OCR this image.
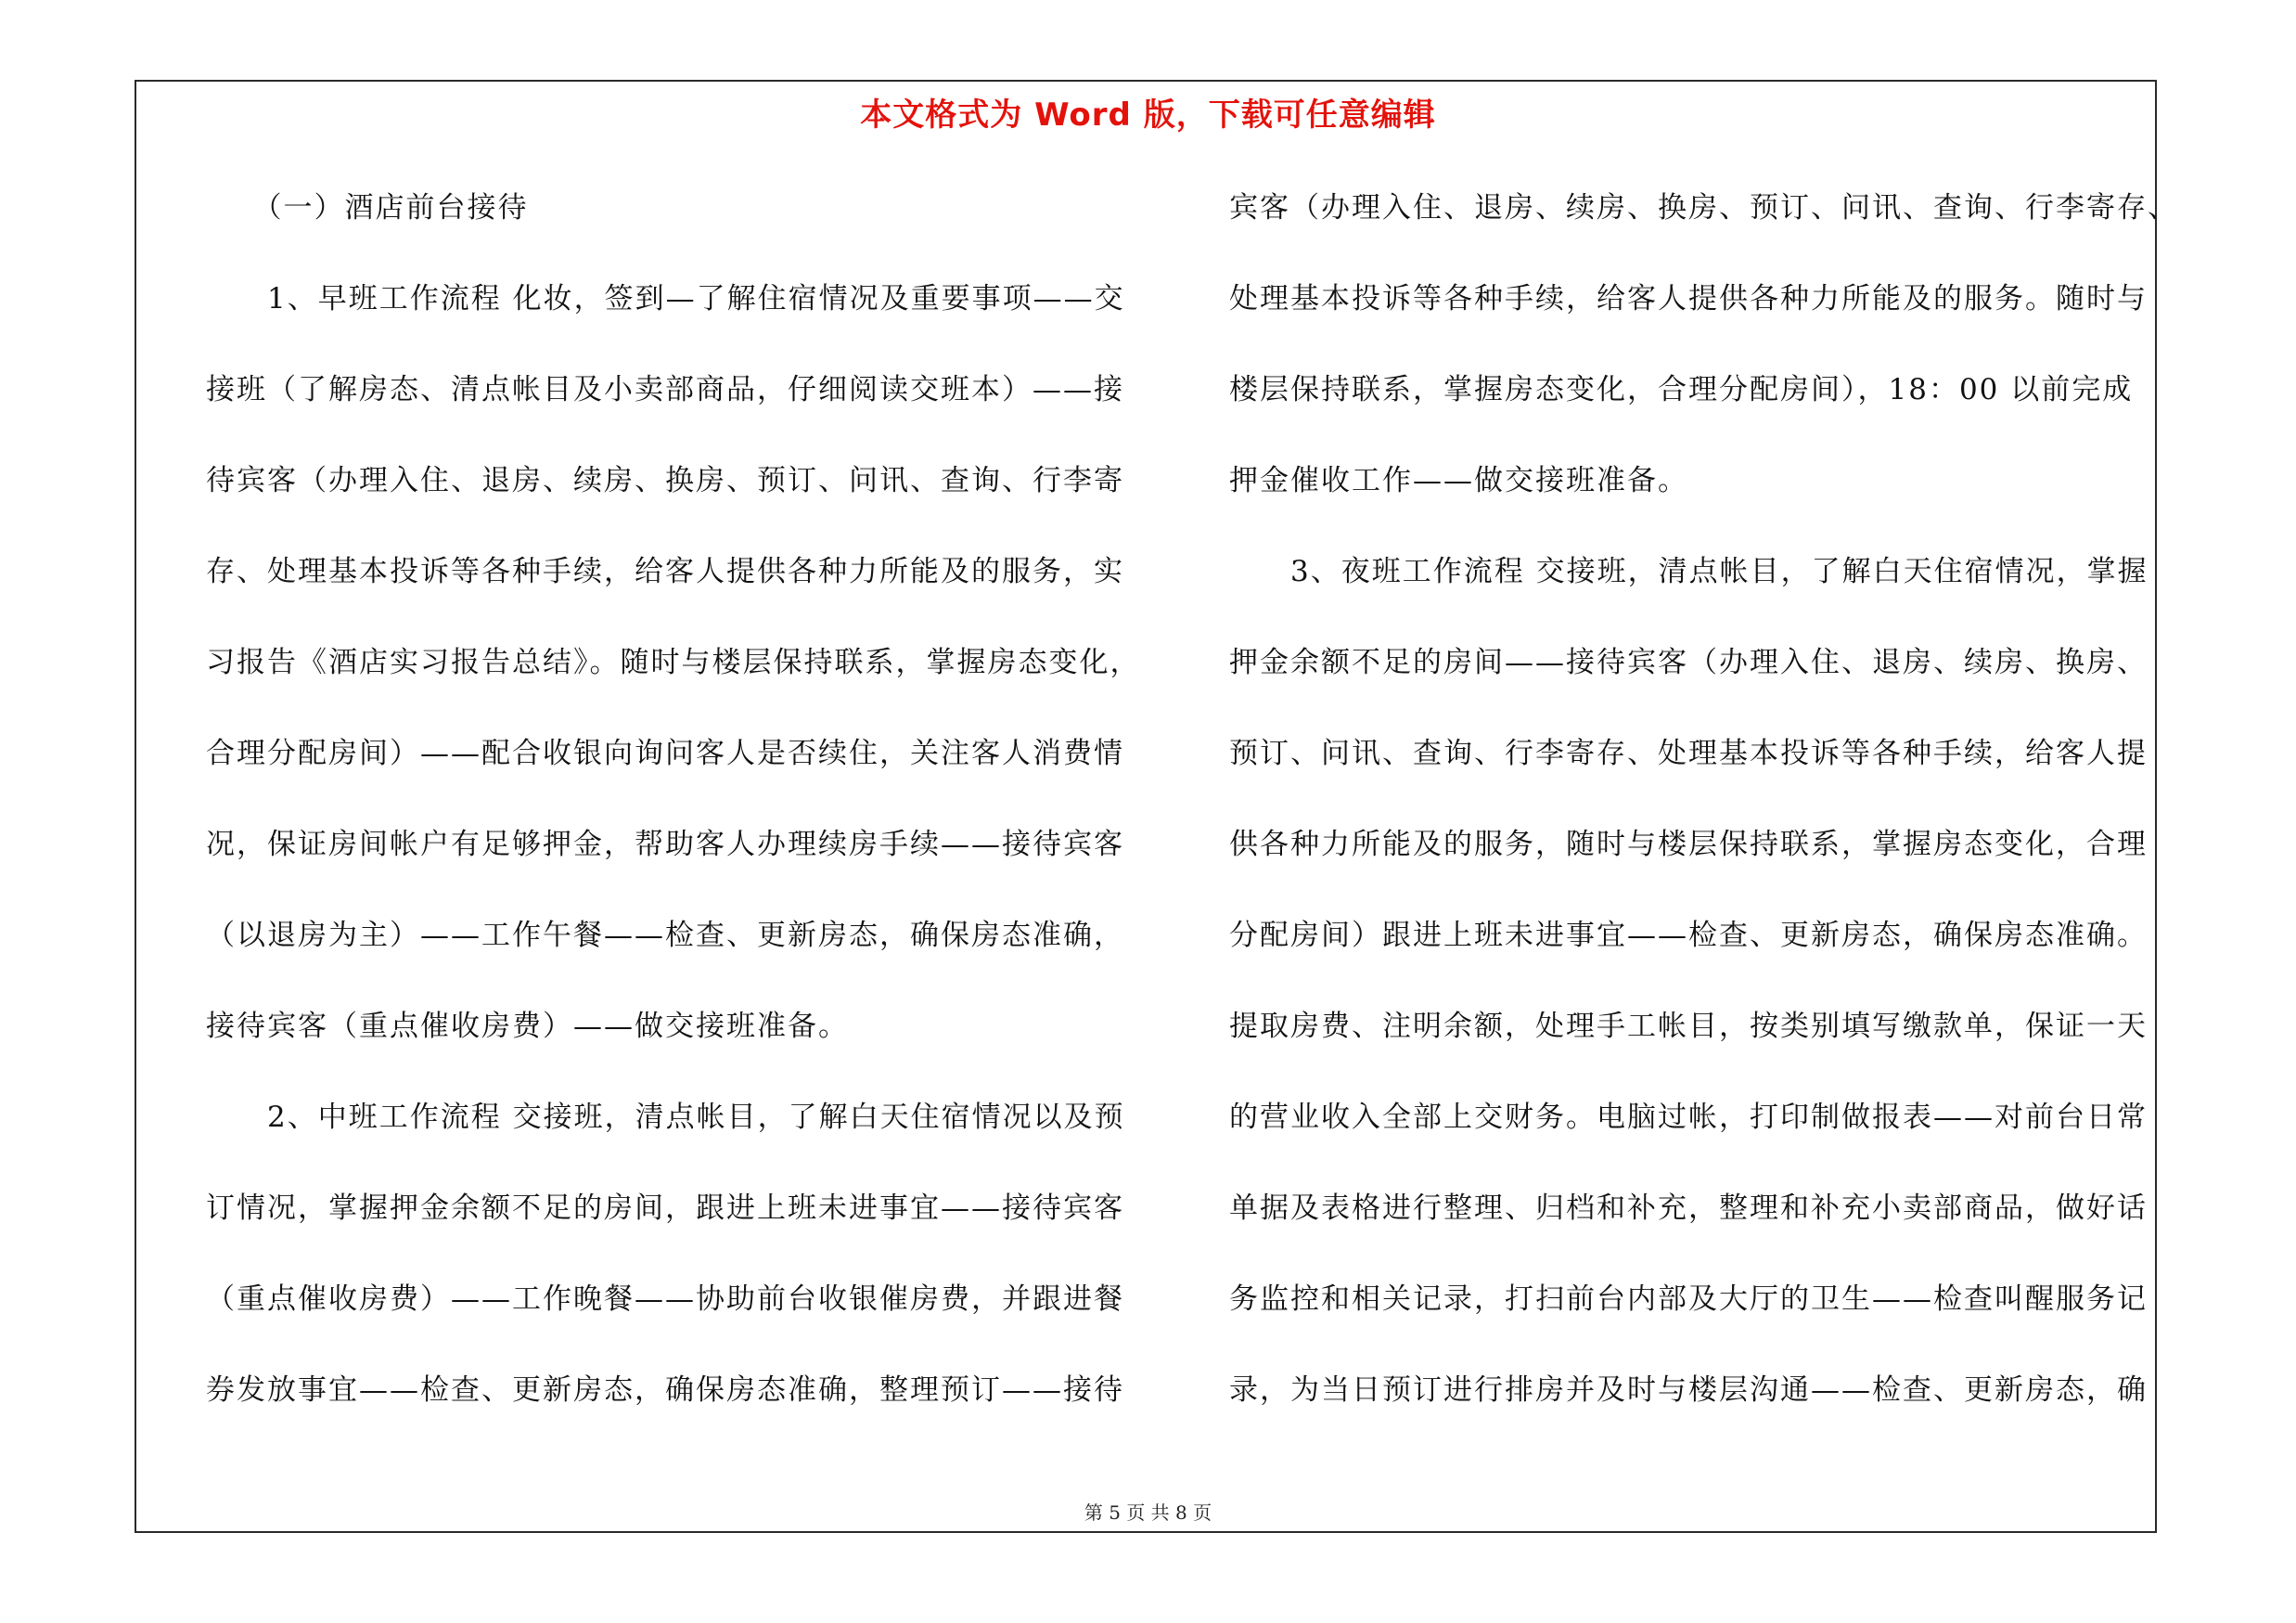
本文格式为 Word 版，下载可任意编辑
　　（一）酒店前台接待
　　1、早班工作流程 化妆，签到—了解住宿情况及重要事项——交
接班（了解房态、清点帐目及小卖部商品，仔细阅读交班本）——接
待宾客（办理入住、退房、续房、换房、预订、问讯、查询、行李寄
存、处理基本投诉等各种手续，给客人提供各种力所能及的服务，实
习报告《酒店实习报告总结》。随时与楼层保持联系，掌握房态变化，
合理分配房间）——配合收银向询问客人是否续住，关注客人消费情
况，保证房间帐户有足够押金，帮助客人办理续房手续——接待宾客
（以退房为主）——工作午餐——检查、更新房态，确保房态准确，
接待宾客（重点催收房费）——做交接班准备。
　　2、中班工作流程 交接班，清点帐目，了解白天住宿情况以及预
订情况，掌握押金余额不足的房间，跟进上班未进事宜——接待宾客
（重点催收房费）——工作晚餐——协助前台收银催房费，并跟进餐
券发放事宜——检查、更新房态，确保房态准确，整理预订——接待
宾客（办理入住、退房、续房、换房、预订、问讯、查询、行李寄存、
处理基本投诉等各种手续，给客人提供各种力所能及的服务。随时与
楼层保持联系，掌握房态变化，合理分配房间），18：00 以前完成
押金催收工作——做交接班准备。
　　3、夜班工作流程 交接班，清点帐目，了解白天住宿情况，掌握
押金余额不足的房间——接待宾客（办理入住、退房、续房、换房、
预订、问讯、查询、行李寄存、处理基本投诉等各种手续，给客人提
供各种力所能及的服务，随时与楼层保持联系，掌握房态变化，合理
分配房间）跟进上班未进事宜——检查、更新房态，确保房态准确。
提取房费、注明余额，处理手工帐目，按类别填写缴款单，保证一天
的营业收入全部上交财务。电脑过帐，打印制做报表——对前台日常
单据及表格进行整理、归档和补充，整理和补充小卖部商品，做好话
务监控和相关记录，打扫前台内部及大厅的卫生——检查叫醒服务记
录，为当日预订进行排房并及时与楼层沟通——检查、更新房态，确
第 5 页 共 8 页
